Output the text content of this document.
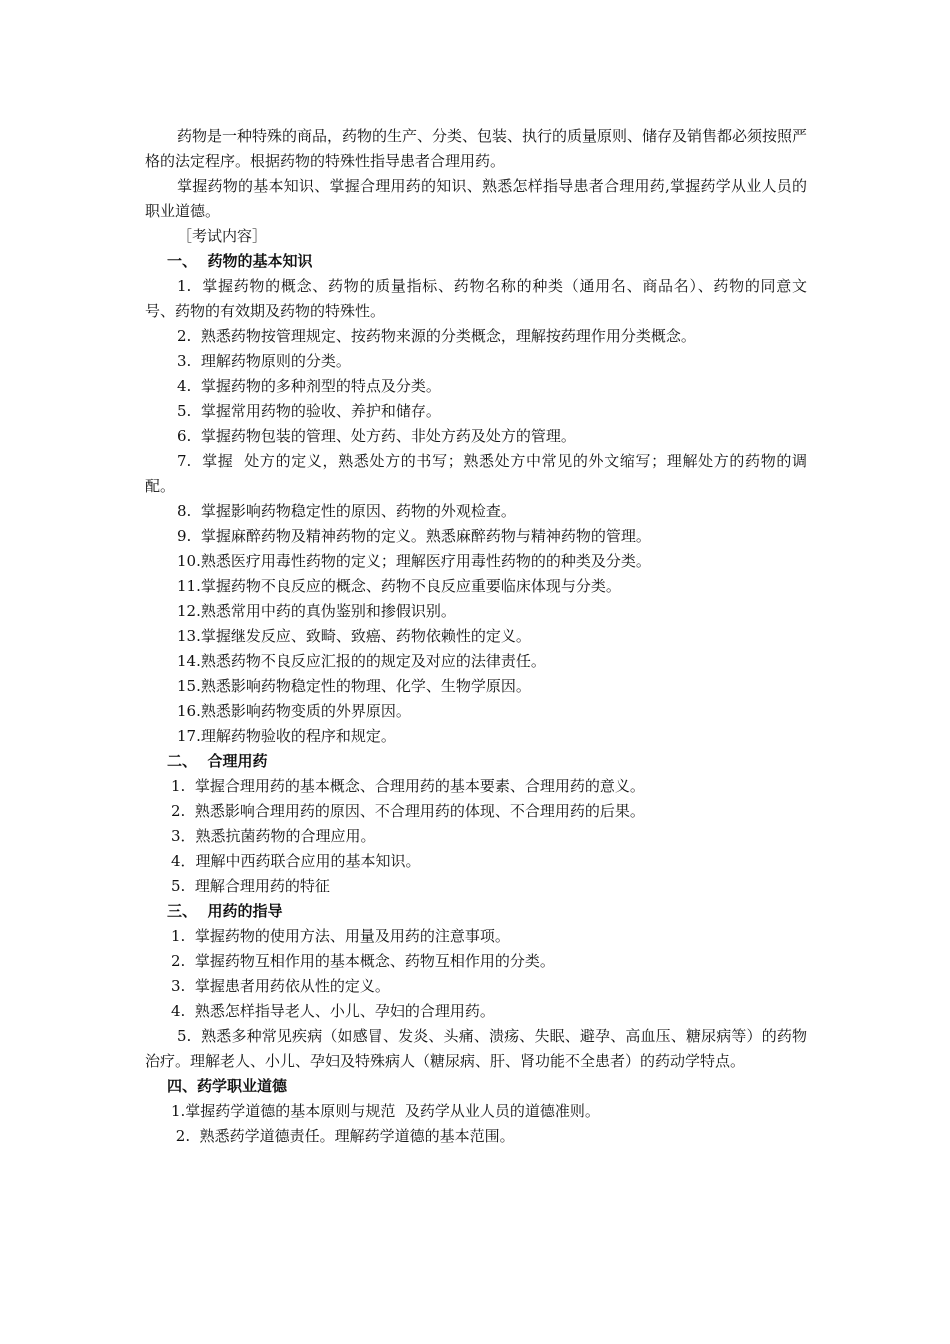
药物是一种特殊的商品，药物的生产、分类、包装、执行的质量原则、储存及销售都必须按照严格的法定程序。根据药物的特殊性指导患者合理用药。

掌握药物的基本知识、掌握合理用药的知识、熟悉怎样指导患者合理用药,掌握药学从业人员的职业道德。

［考试内容］

一、  药物的基本知识

1.  掌握药物的概念、药物的质量指标、药物名称的种类（通用名、商品名）、药物的同意文号、药物的有效期及药物的特殊性。

2.  熟悉药物按管理规定、按药物来源的分类概念，理解按药理作用分类概念。

3.  理解药物原则的分类。

4.  掌握药物的多种剂型的特点及分类。

5.  掌握常用药物的验收、养护和储存。

6.  掌握药物包装的管理、处方药、非处方药及处方的管理。

7.  掌握  处方的定义，熟悉处方的书写；熟悉处方中常见的外文缩写；理解处方的药物的调配。

8.  掌握影响药物稳定性的原因、药物的外观检查。

9.  掌握麻醉药物及精神药物的定义。熟悉麻醉药物与精神药物的管理。

10.熟悉医疗用毒性药物的定义；理解医疗用毒性药物的的种类及分类。

11.掌握药物不良反应的概念、药物不良反应重要临床体现与分类。

12.熟悉常用中药的真伪鉴别和掺假识别。

13.掌握继发反应、致畸、致癌、药物依赖性的定义。

14.熟悉药物不良反应汇报的的规定及对应的法律责任。

15.熟悉影响药物稳定性的物理、化学、生物学原因。

16.熟悉影响药物变质的外界原因。

17.理解药物验收的程序和规定。

二、  合理用药

1.  掌握合理用药的基本概念、合理用药的基本要素、合理用药的意义。

2.  熟悉影响合理用药的原因、不合理用药的体现、不合理用药的后果。

3．熟悉抗菌药物的合理应用。

4．理解中西药联合应用的基本知识。

5.  理解合理用药的特征

三、  用药的指导

1.  掌握药物的使用方法、用量及用药的注意事项。

2.  掌握药物互相作用的基本概念、药物互相作用的分类。

3.  掌握患者用药依从性的定义。

4.  熟悉怎样指导老人、小儿、孕妇的合理用药。

5.  熟悉多种常见疾病（如感冒、发炎、头痛、溃疡、失眠、避孕、高血压、糖尿病等）的药物治疗。理解老人、小儿、孕妇及特殊病人（糖尿病、肝、肾功能不全患者）的药动学特点。

四、药学职业道德

1.掌握药学道德的基本原则与规范  及药学从业人员的道德准则。

2.  熟悉药学道德责任。理解药学道德的基本范围。
